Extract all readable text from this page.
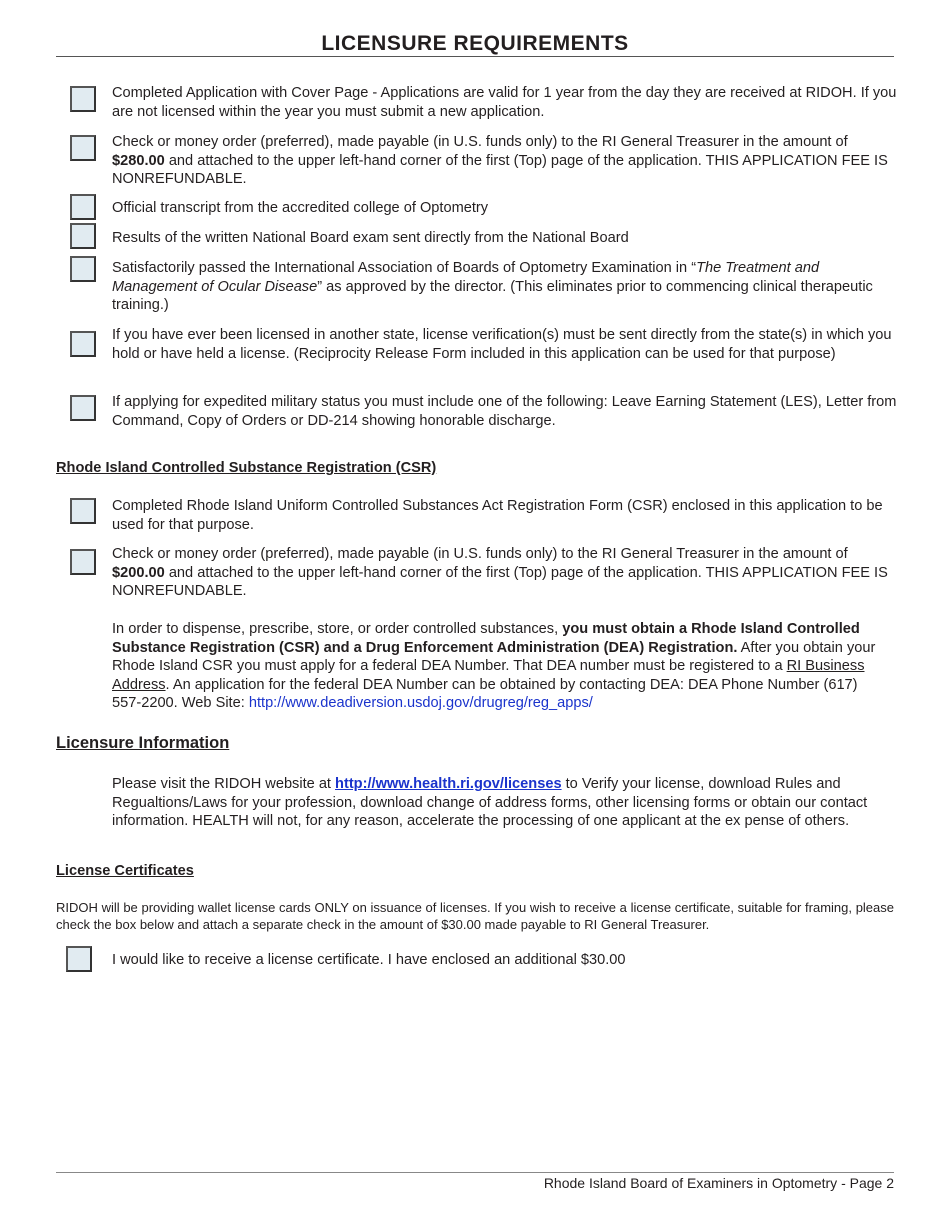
LICENSURE REQUIREMENTS
Completed Application with Cover Page - Applications are valid for 1 year from the day they are received at RIDOH. If you are not licensed within the year you must submit a new application.
Check or money order (preferred), made payable (in U.S. funds only) to the RI General Treasurer in the amount of $280.00 and attached to the upper left-hand corner of the first (Top) page of the application. THIS APPLICATION FEE IS NONREFUNDABLE.
Official transcript from the accredited college of Optometry
Results of the written National Board exam sent directly from the National Board
Satisfactorily passed the International Association of Boards of Optometry Examination in “The Treatment and Management of Ocular Disease” as approved by the director. (This eliminates prior to commencing clinical therapeutic training.)
If you have ever been licensed in another state, license verification(s) must be sent directly from the state(s) in which you hold or have held a license. (Reciprocity Release Form included in this application can be used for that purpose)
If applying for expedited military status you must include one of the following: Leave Earning Statement (LES), Letter from Command, Copy of Orders or DD-214 showing honorable discharge.
Rhode Island Controlled Substance Registration (CSR)
Completed Rhode Island Uniform Controlled Substances Act Registration Form (CSR) enclosed in this application to be used for that purpose.
Check or money order (preferred), made payable (in U.S. funds only) to the RI General Treasurer in the amount of $200.00 and attached to the upper left-hand corner of the first (Top) page of the application. THIS APPLICATION FEE IS NONREFUNDABLE.
In order to dispense, prescribe, store, or order controlled substances, you must obtain a Rhode Island Controlled Substance Registration (CSR) and a Drug Enforcement Administration (DEA) Registration. After you obtain your Rhode Island CSR you must apply for a federal DEA Number. That DEA number must be registered to a RI Business Address. An application for the federal DEA Number can be obtained by contacting DEA: DEA Phone Number (617) 557-2200. Web Site: http://www.deadiversion.usdoj.gov/drugreg/reg_apps/
Licensure Information
Please visit the RIDOH website at http://www.health.ri.gov/licenses to Verify your license, download Rules and Regualtions/Laws for your profession, download change of address forms, other licensing forms or obtain our contact information. HEALTH will not, for any reason, accelerate the processing of one applicant at the ex pense of others.
License Certificates
RIDOH will be providing wallet license cards ONLY on issuance of licenses. If you wish to receive a license certificate, suitable for framing, please check the box below and attach a separate check in the amount of $30.00 made payable to RI General Treasurer.
I would like to receive a license certificate. I have enclosed an additional $30.00
Rhode Island Board of Examiners in Optometry - Page 2
